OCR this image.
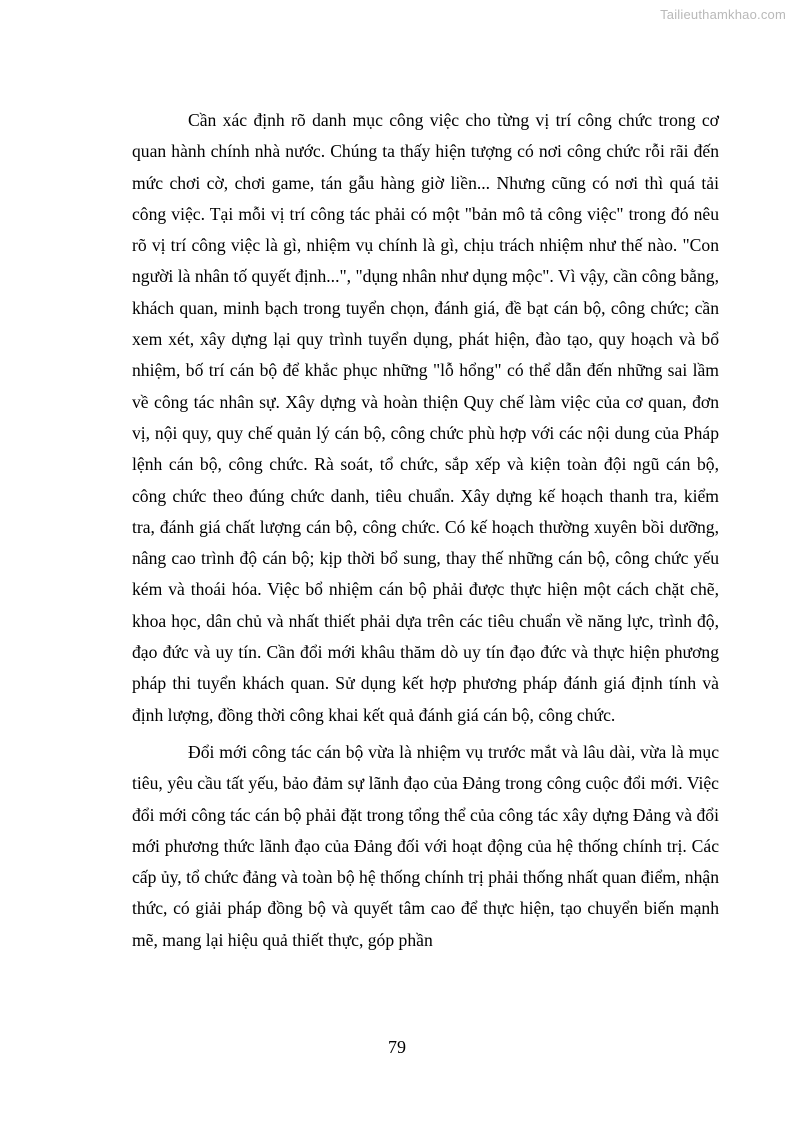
Tailieuthamkhao.com

Cần xác định rõ danh mục công việc cho từng vị trí công chức trong cơ quan hành chính nhà nước. Chúng ta thấy hiện tượng có nơi công chức rỗi rãi đến mức chơi cờ, chơi game, tán gẫu hàng giờ liền... Nhưng cũng có nơi thì quá tải công việc. Tại mỗi vị trí công tác phải có một "bản mô tả công việc" trong đó nêu rõ vị trí công việc là gì, nhiệm vụ chính là gì, chịu trách nhiệm như thế nào. "Con người là nhân tố quyết định...", "dụng nhân như dụng mộc". Vì vậy, cần công bằng, khách quan, minh bạch trong tuyển chọn, đánh giá, đề bạt cán bộ, công chức; cần xem xét, xây dựng lại quy trình tuyển dụng, phát hiện, đào tạo, quy hoạch và bổ nhiệm, bố trí cán bộ để khắc phục những "lỗ hổng" có thể dẫn đến những sai lầm về công tác nhân sự. Xây dựng và hoàn thiện Quy chế làm việc của cơ quan, đơn vị, nội quy, quy chế quản lý cán bộ, công chức phù hợp với các nội dung của Pháp lệnh cán bộ, công chức. Rà soát, tổ chức, sắp xếp và kiện toàn đội ngũ cán bộ, công chức theo đúng chức danh, tiêu chuẩn. Xây dựng kế hoạch thanh tra, kiểm tra, đánh giá chất lượng cán bộ, công chức. Có kế hoạch thường xuyên bồi dưỡng, nâng cao trình độ cán bộ; kịp thời bổ sung, thay thế những cán bộ, công chức yếu kém và thoái hóa. Việc bổ nhiệm cán bộ phải được thực hiện một cách chặt chẽ, khoa học, dân chủ và nhất thiết phải dựa trên các tiêu chuẩn về năng lực, trình độ, đạo đức và uy tín. Cần đổi mới khâu thăm dò uy tín đạo đức và thực hiện phương pháp thi tuyển khách quan. Sử dụng kết hợp phương pháp đánh giá định tính và định lượng, đồng thời công khai kết quả đánh giá cán bộ, công chức.

Đổi mới công tác cán bộ vừa là nhiệm vụ trước mắt và lâu dài, vừa là mục tiêu, yêu cầu tất yếu, bảo đảm sự lãnh đạo của Đảng trong công cuộc đổi mới. Việc đổi mới công tác cán bộ phải đặt trong tổng thể của công tác xây dựng Đảng và đổi mới phương thức lãnh đạo của Đảng đối với hoạt động của hệ thống chính trị. Các cấp ủy, tổ chức đảng và toàn bộ hệ thống chính trị phải thống nhất quan điểm, nhận thức, có giải pháp đồng bộ và quyết tâm cao để thực hiện, tạo chuyển biến mạnh mẽ, mang lại hiệu quả thiết thực, góp phần

79
